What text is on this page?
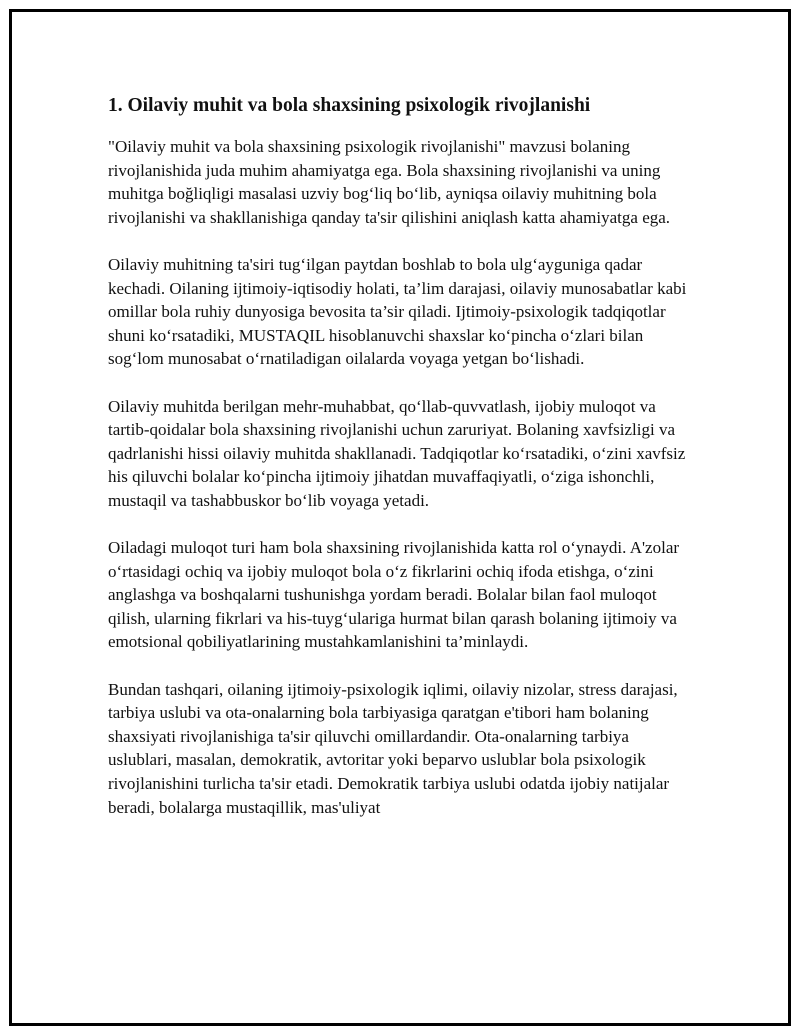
1. Oilaviy muhit va bola shaxsining psixologik rivojlanishi

"Oilaviy muhit va bola shaxsining psixologik rivojlanishi" mavzusi bolaning rivojlanishida juda muhim ahamiyatga ega. Bola shaxsining rivojlanishi va uning muhitga boğliqligi masalasi uzviy bog‘liq bo‘lib, ayniqsa oilaviy muhitning bola rivojlanishi va shakllanishiga qanday ta'sir qilishini aniqlash katta ahamiyatga ega.

Oilaviy muhitning ta'siri tug‘ilgan paytdan boshlab to bola ulg‘ayguniga qadar kechadi. Oilaning ijtimoiy-iqtisodiy holati, ta’lim darajasi, oilaviy munosabatlar kabi omillar bola ruhiy dunyosiga bevosita ta’sir qiladi. Ijtimoiy-psixologik tadqiqotlar shuni ko‘rsatadiki, MUSTAQIL hisoblanuvchi shaxslar ko‘pincha o‘zlari bilan sog‘lom munosabat o‘rnatiladigan oilalarda voyaga yetgan bo‘lishadi.

Oilaviy muhitda berilgan mehr-muhabbat, qo‘llab-quvvatlash, ijobiy muloqot va tartib-qoidalar bola shaxsining rivojlanishi uchun zaruriyat. Bolaning xavfsizligi va qadrlanishi hissi oilaviy muhitda shakllanadi. Tadqiqotlar ko‘rsatadiki, o‘zini xavfsiz his qiluvchi bolalar ko‘pincha ijtimoiy jihatdan muvaffaqiyatli, o‘ziga ishonchli, mustaqil va tashabbuskor bo‘lib voyaga yetadi.

Oiladagi muloqot turi ham bola shaxsining rivojlanishida katta rol o‘ynaydi. A'zolar o‘rtasidagi ochiq va ijobiy muloqot bola o‘z fikrlarini ochiq ifoda etishga, o‘zini anglashga va boshqalarni tushunishga yordam beradi. Bolalar bilan faol muloqot qilish, ularning fikrlari va his-tuyg‘ulariga hurmat bilan qarash bolaning ijtimoiy va emotsional qobiliyatlarining mustahkamlanishini ta’minlaydi.

Bundan tashqari, oilaning ijtimoiy-psixologik iqlimi, oilaviy nizolar, stress darajasi, tarbiya uslubi va ota-onalarning bola tarbiyasiga qaratgan e'tibori ham bolaning shaxsiyati rivojlanishiga ta'sir qiluvchi omillardandir. Ota-onalarning tarbiya uslublari, masalan, demokratik, avtoritar yoki beparvo uslublar bola psixologik rivojlanishini turlicha ta'sir etadi. Demokratik tarbiya uslubi odatda ijobiy natijalar beradi, bolalarga mustaqillik, mas'uliyat
